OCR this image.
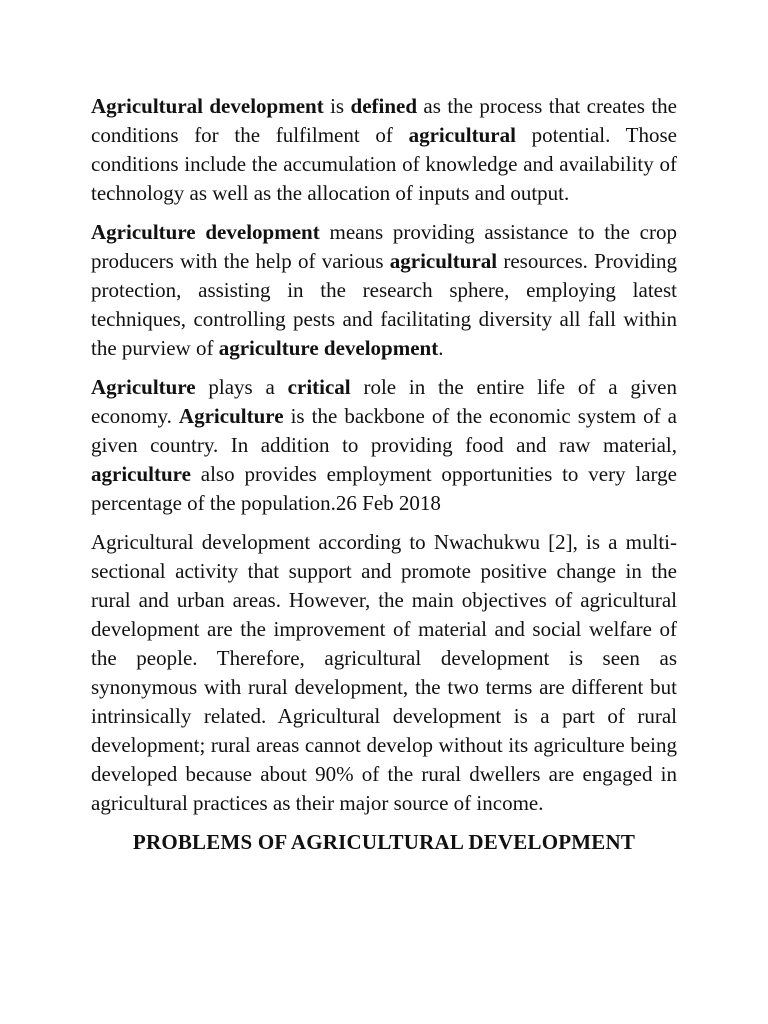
Agricultural development is defined as the process that creates the conditions for the fulfilment of agricultural potential. Those conditions include the accumulation of knowledge and availability of technology as well as the allocation of inputs and output.

Agriculture development means providing assistance to the crop producers with the help of various agricultural resources. Providing protection, assisting in the research sphere, employing latest techniques, controlling pests and facilitating diversity all fall within the purview of agriculture development.

Agriculture plays a critical role in the entire life of a given economy. Agriculture is the backbone of the economic system of a given country. In addition to providing food and raw material, agriculture also provides employment opportunities to very large percentage of the population.26 Feb 2018

Agricultural development according to Nwachukwu [2], is a multi-sectional activity that support and promote positive change in the rural and urban areas. However, the main objectives of agricultural development are the improvement of material and social welfare of the people. Therefore, agricultural development is seen as synonymous with rural development, the two terms are different but intrinsically related. Agricultural development is a part of rural development; rural areas cannot develop without its agriculture being developed because about 90% of the rural dwellers are engaged in agricultural practices as their major source of income.

PROBLEMS OF AGRICULTURAL DEVELOPMENT
